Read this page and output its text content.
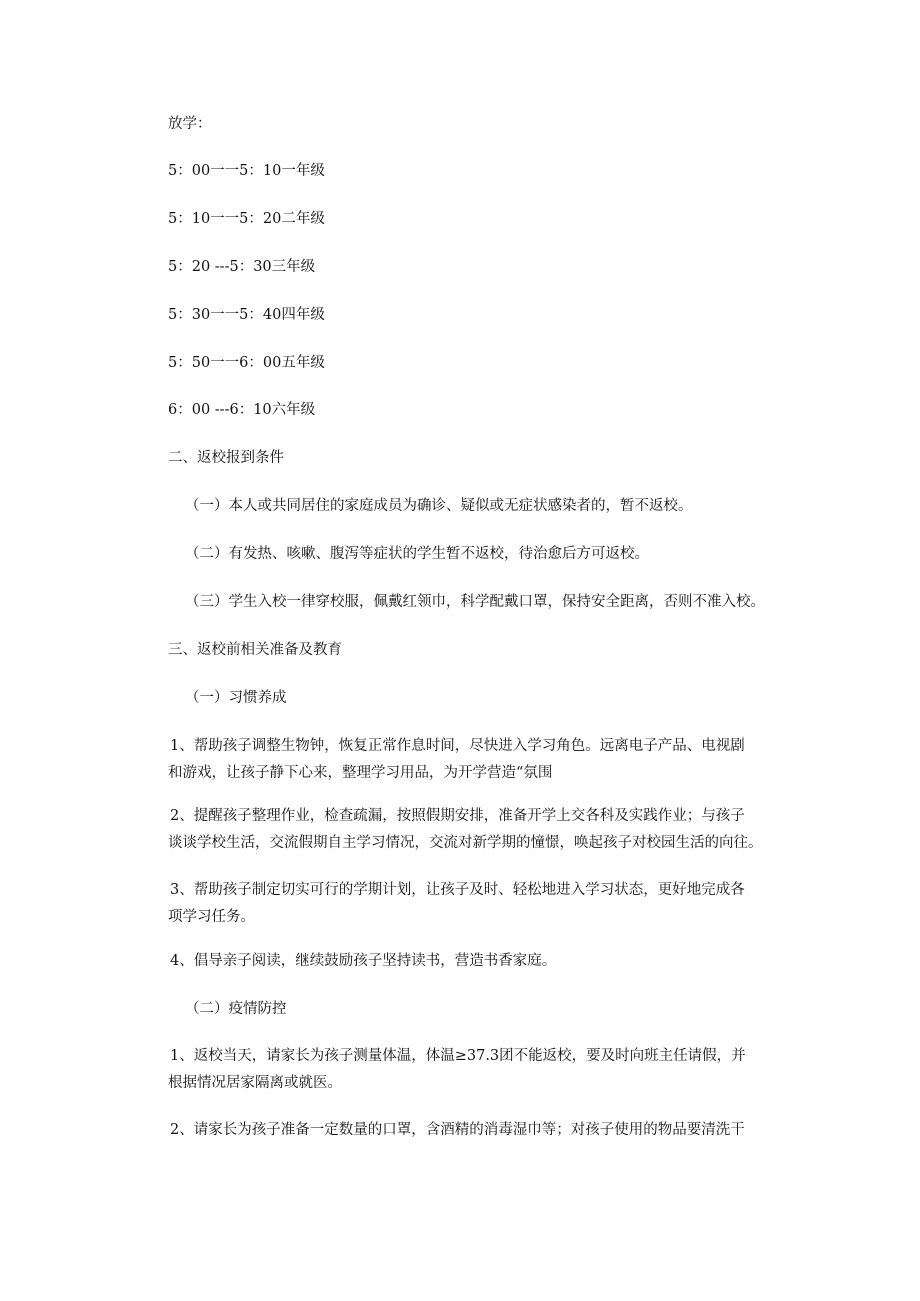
放学：

5：00一一5：10一年级

5：10一一5：20二年级

5：20 ---5：30三年级

5：30一一5：40四年级

5：50一一6：00五年级

6：00 ---6：10六年级

二、返校报到条件

（一）本人或共同居住的家庭成员为确诊、疑似或无症状感染者的，暂不返校。

（二）有发热、咳嗽、腹泻等症状的学生暂不返校，待治愈后方可返校。

（三）学生入校一律穿校服，佩戴红领巾，科学配戴口罩，保持安全距离，否则不准入校。

三、返校前相关准备及教育

（一）习惯养成

1、帮助孩子调整生物钟，恢复正常作息时间，尽快进入学习角色。远离电子产品、电视剧

和游戏，让孩子静下心来，整理学习用品，为开学营造“氛围

2、提醒孩子整理作业，检查疏漏，按照假期安排，准备开学上交各科及实践作业；与孩子

谈谈学校生活，交流假期自主学习情况，交流对新学期的憧憬，唤起孩子对校园生活的向往。

3、帮助孩子制定切实可行的学期计划，让孩子及时、轻松地进入学习状态，更好地完成各

项学习任务。

4、倡导亲子阅读，继续鼓励孩子坚持读书，营造书香家庭。

（二）疫情防控

1、返校当天，请家长为孩子测量体温，体温≥37.3团不能返校，要及时向班主任请假，并

根据情况居家隔离或就医。

2、请家长为孩子准备一定数量的口罩，含酒精的消毒湿巾等；对孩子使用的物品要清洗干
